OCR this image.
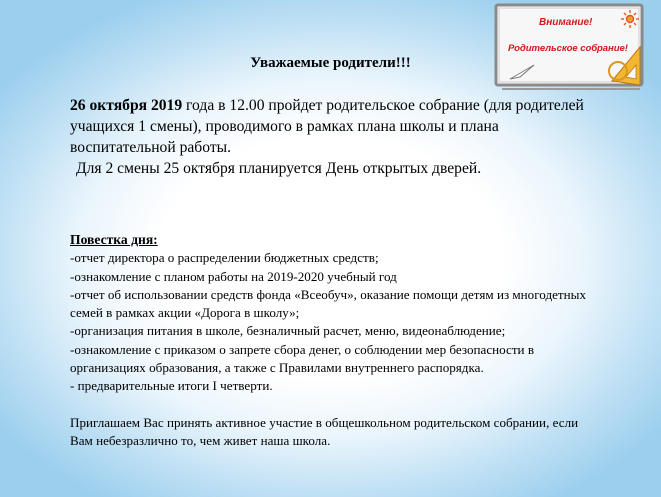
Внимание!
Родительское собрание!
Уважаемые родители!!!
26 октября 2019 года в 12.00 пройдет родительское собрание (для родителей учащихся 1 смены), проводимого в рамках плана школы и плана воспитательной работы.
Для 2 смены 25 октября планируется День открытых дверей.
Повестка дня:
-отчет директора о распределении бюджетных средств;
-ознакомление с планом работы на 2019-2020 учебный год
-отчет об использовании средств фонда «Всеобуч», оказание помощи детям из многодетных семей в рамках акции «Дорога в школу»;
-организация питания в школе, безналичный расчет, меню, видеонаблюдение;
-ознакомление с приказом о запрете сбора денег, о соблюдении мер безопасности в организациях образования, а также с Правилами внутреннего распорядка.
- предварительные итоги I четверти.
Приглашаем Вас принять активное участие в общешкольном родительском собрании, если Вам небезразлично то, чем живет наша школа.
